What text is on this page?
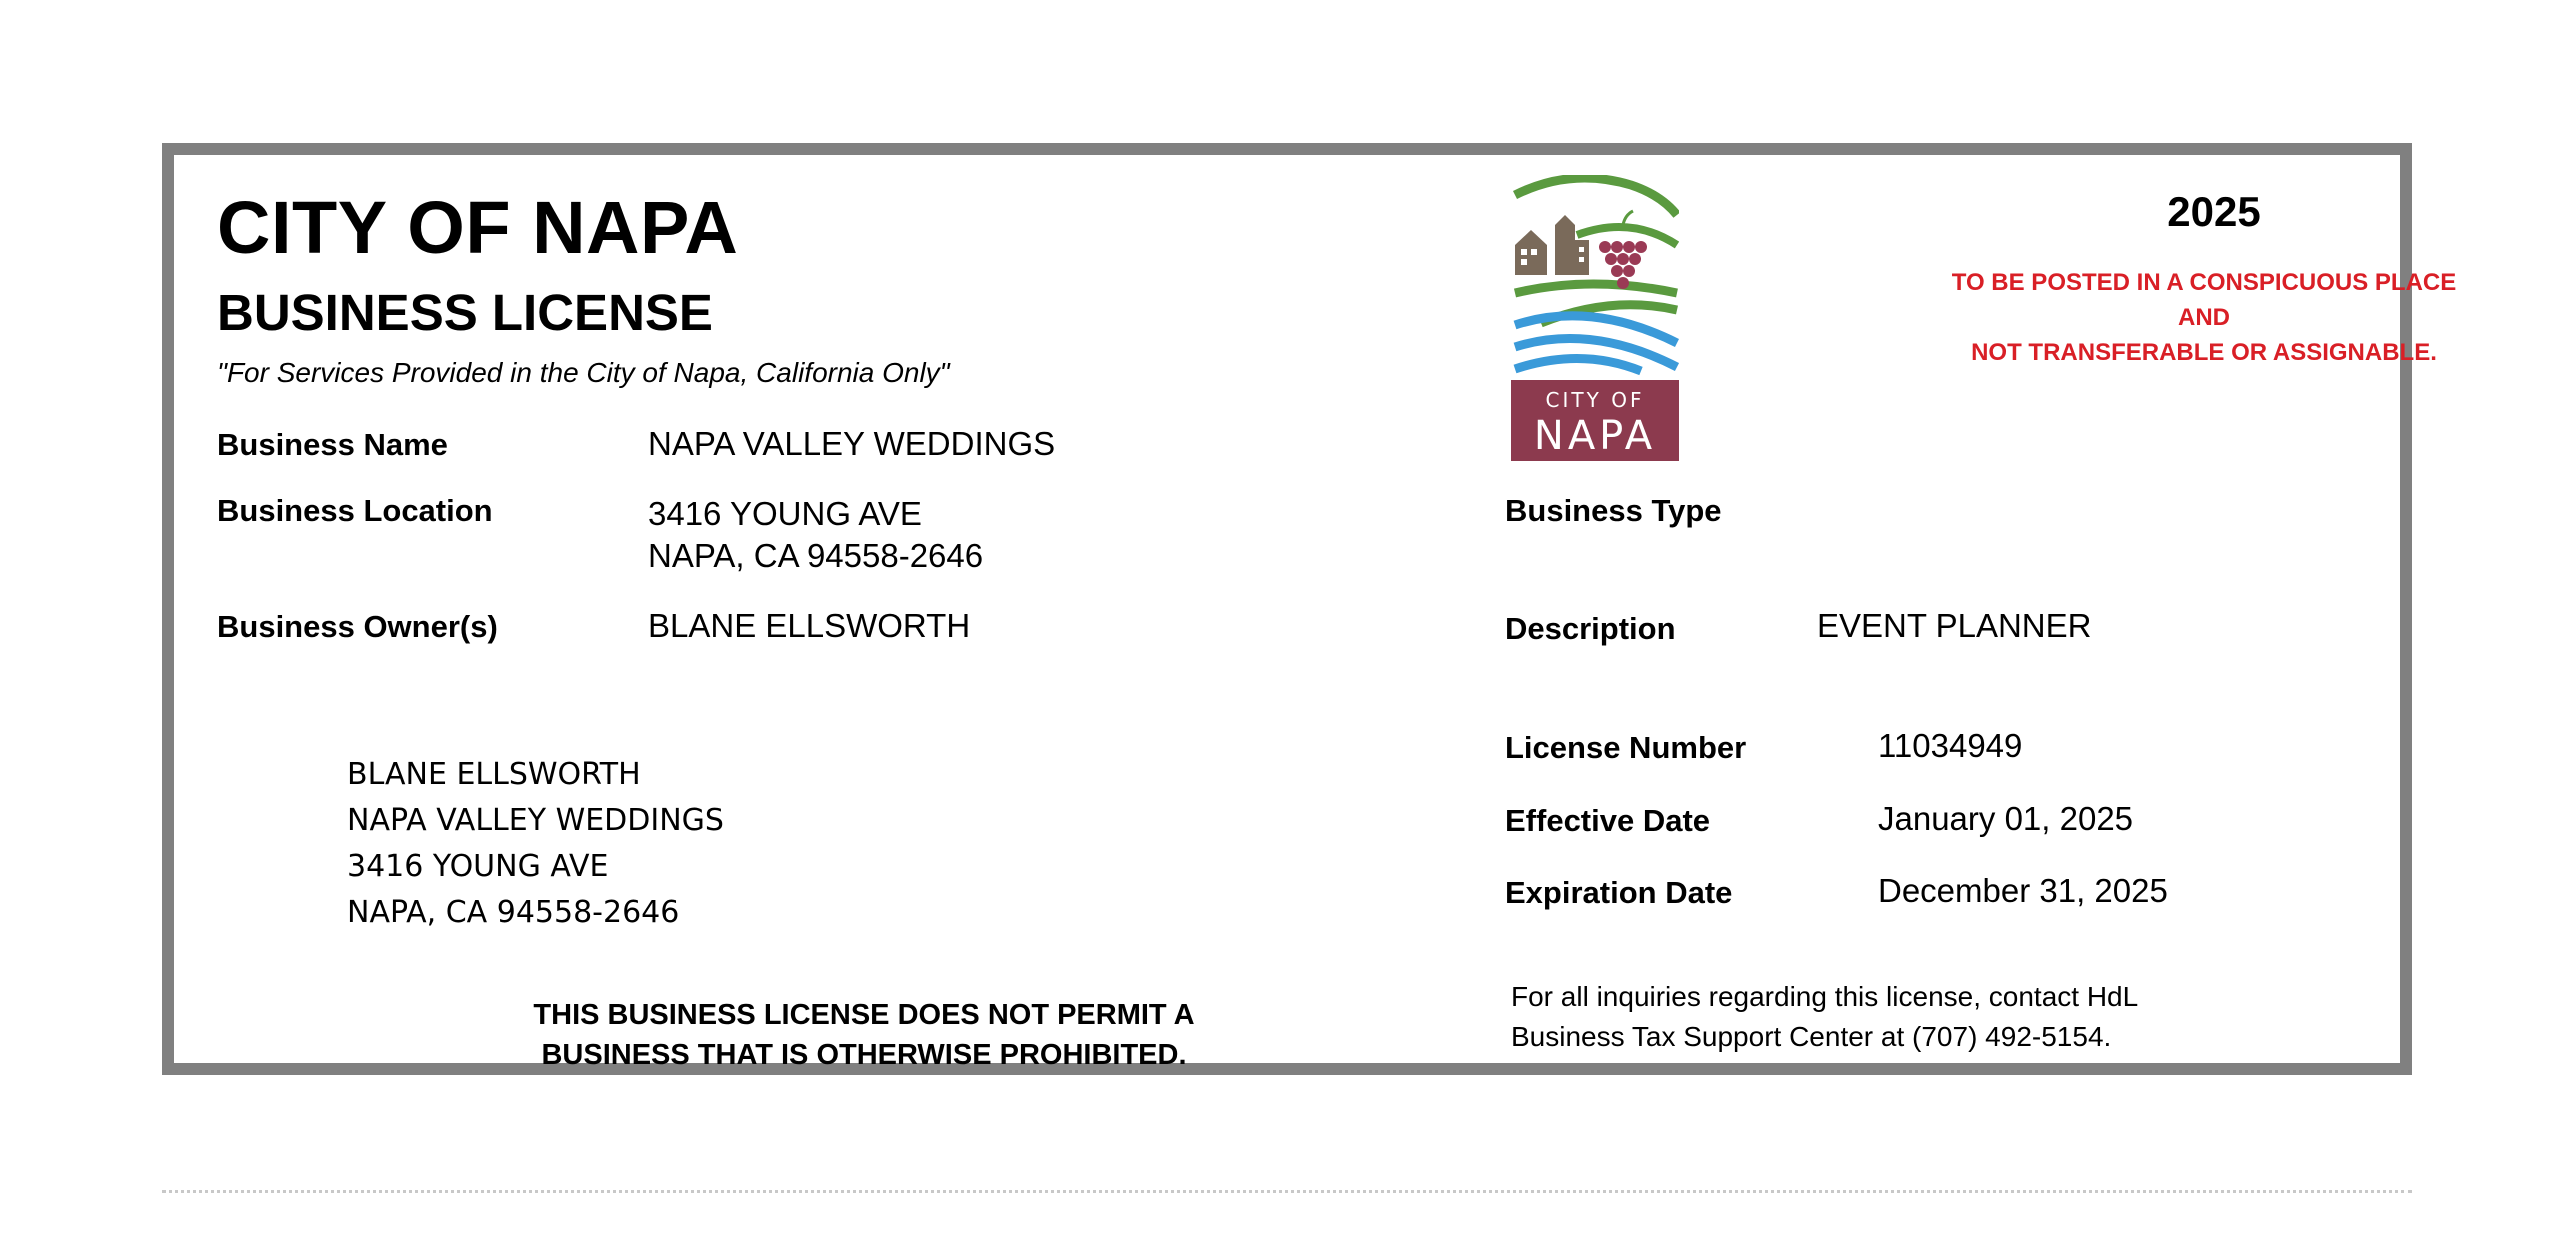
CITY OF NAPA
BUSINESS LICENSE
"For Services Provided in the City of Napa, California Only"
Business Name	NAPA VALLEY WEDDINGS
Business Location	3416 YOUNG AVE
NAPA, CA 94558-2646
Business Owner(s)	BLANE ELLSWORTH
BLANE ELLSWORTH
NAPA VALLEY WEDDINGS
3416 YOUNG AVE
NAPA, CA 94558-2646
THIS BUSINESS LICENSE DOES NOT PERMIT A
BUSINESS THAT IS OTHERWISE PROHIBITED.
CITY OF
NAPA
2025
TO BE POSTED IN A CONSPICUOUS PLACE
AND
NOT TRANSFERABLE OR ASSIGNABLE.
Business Type
Description	EVENT PLANNER
License Number	11034949
Effective Date	January 01, 2025
Expiration Date	December 31, 2025
For all inquiries regarding this license, contact HdL
Business Tax Support Center at (707) 492-5154.
